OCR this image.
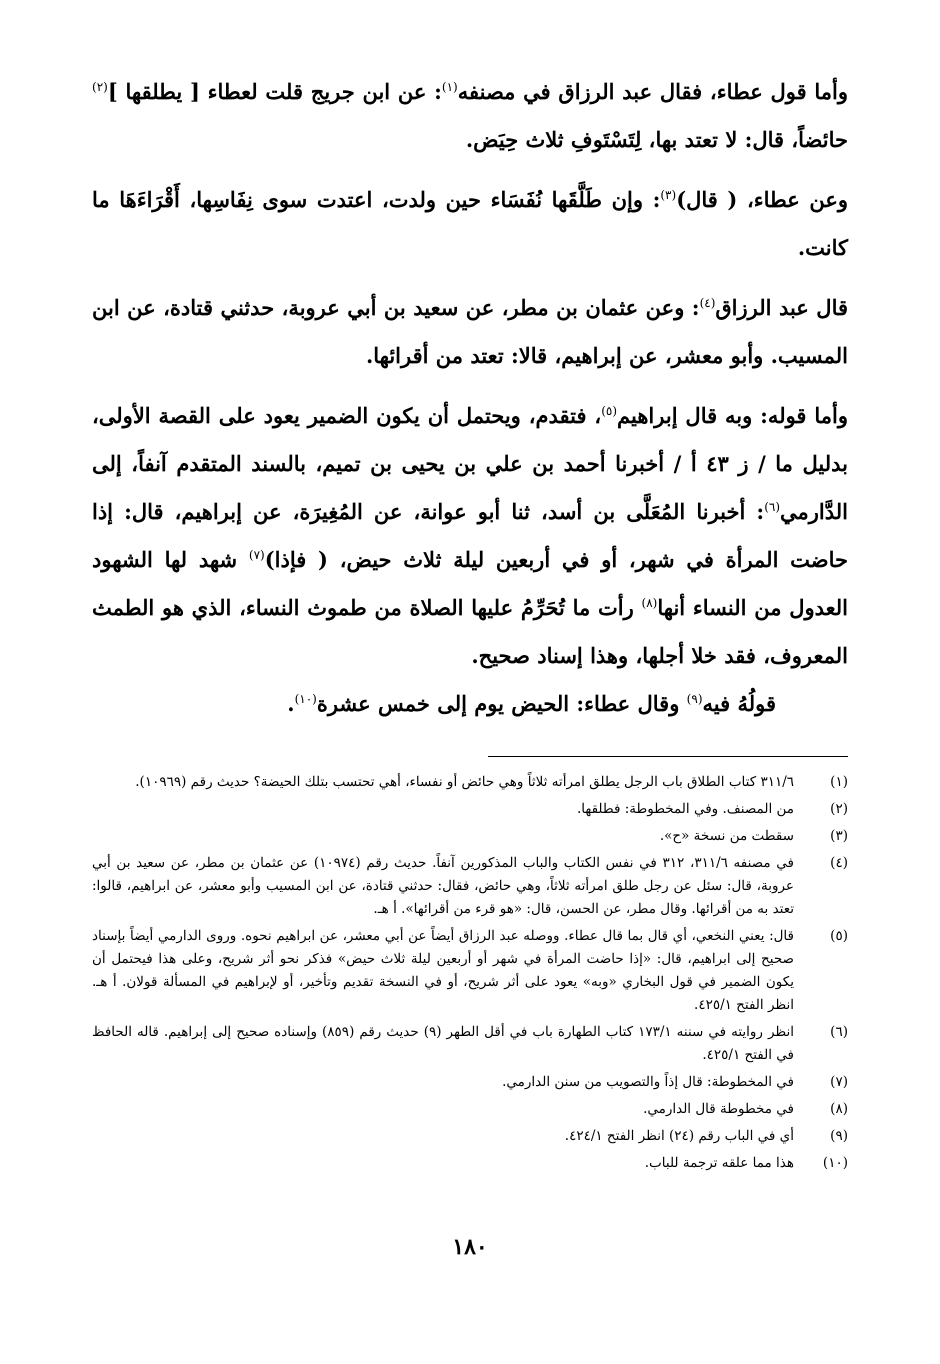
وأما قول عطاء، فقال عبد الرزاق في مصنفه$^{(١)}$: عن ابن جريج قلت لعطاء [ يطلقها ]$^{(٢)}$ حائضاً، قال: لا تعتد بها، لِتَسْتَوفِ ثلاث حِيَض.

وعن عطاء، ( قال)$^{(٣)}$: وإن طَلَّقَها نُفَسَاء حين ولدت، اعتدت سوى نِفَاسِها، أَقْرَاءَهَا ما كانت.

قال عبد الرزاق$^{(٤)}$: وعن عثمان بن مطر، عن سعيد بن أبي عروبة، حدثني قتادة، عن ابن المسيب. وأبو معشر، عن إبراهيم، قالا: تعتد من أقرائها.

وأما قوله: وبه قال إبراهيم$^{(٥)}$، فتقدم، ويحتمل أن يكون الضمير يعود على القصة الأولى، بدليل ما / ز ٤٣ أ / أخبرنا أحمد بن علي بن يحيى بن تميم، بالسند المتقدم آنفاً، إلى الدَّارمي$^{(٦)}$: أخبرنا المُعَلَّى بن أسد، ثنا أبو عوانة، عن المُغِيرَة، عن إبراهيم، قال: إذا حاضت المرأة في شهر، أو في أربعين ليلة ثلاث حيض، ( فإذا)$^{(٧)}$ شهد لها الشهود العدول من النساء أنها$^{(٨)}$ رأت ما تُحَرِّمُ عليها الصلاة من طموث النساء، الذي هو الطمث المعروف، فقد خلا أجلها، وهذا إسناد صحيح.

قولُهُ فيه$^{(٩)}$ وقال عطاء: الحيض يوم إلى خمس عشرة$^{(١٠)}$.

(١)
٣١١/٦ كتاب الطلاق باب الرجل يطلق امرأته ثلاثاً وهي حائض أو نفساء، أهي تحتسب بتلك الحيضة؟ حديث رقم (١٠٩٦٩).
(٢)
من المصنف. وفي المخطوطة: فطلقها.
(٣)
سقطت من نسخة «ح».
(٤)
في مصنفه ٣١١/٦، ٣١٢ في نفس الكتاب والباب المذكورين آنفاً. حديث رقم (١٠٩٧٤) عن عثمان بن مطر، عن سعيد بن أبي عروبة، قال: سئل عن رجل طلق امرأته ثلاثاً، وهي حائض، فقال: حدثني قتادة، عن ابن المسيب وأبو معشر، عن ابراهيم، قالوا: تعتد به من أقرائها. وقال مطر، عن الحسن، قال: «هو قرء من أقرائها». أ هـ.
(٥)
قال: يعني النخعي، أي قال بما قال عطاء. ووصله عبد الرزاق أيضاً عن أبي معشر، عن ابراهيم نحوه. وروى الدارمي أيضاً بإسناد صحيح إلى ابراهيم، قال: «إذا حاضت المرأة في شهر أو أربعين ليلة ثلاث حيض» فذكر نحو أثر شريح، وعلى هذا فيحتمل أن يكون الضمير في قول البخاري «وبه» يعود على أثر شريح، أو في النسخة تقديم وتأخير، أو لإبراهيم في المسألة قولان. أ هـ. انظر الفتح ٤٢٥/١.
(٦)
انظر روايته في سننه ١٧٣/١ كتاب الطهارة باب في أقل الطهر (٩) حديث رقم (٨٥٩) وإسناده صحيح إلى إبراهيم. قاله الحافظ في الفتح ٤٢٥/١.
(٧)
في المخطوطة: قال إذاً والتصويب من سنن الدارمي.
(٨)
في مخطوطة قال الدارمي.
(٩)
أي في الباب رقم (٢٤) انظر الفتح ٤٢٤/١.
(١٠)
هذا مما علقه ترجمة للباب.
١٨٠
